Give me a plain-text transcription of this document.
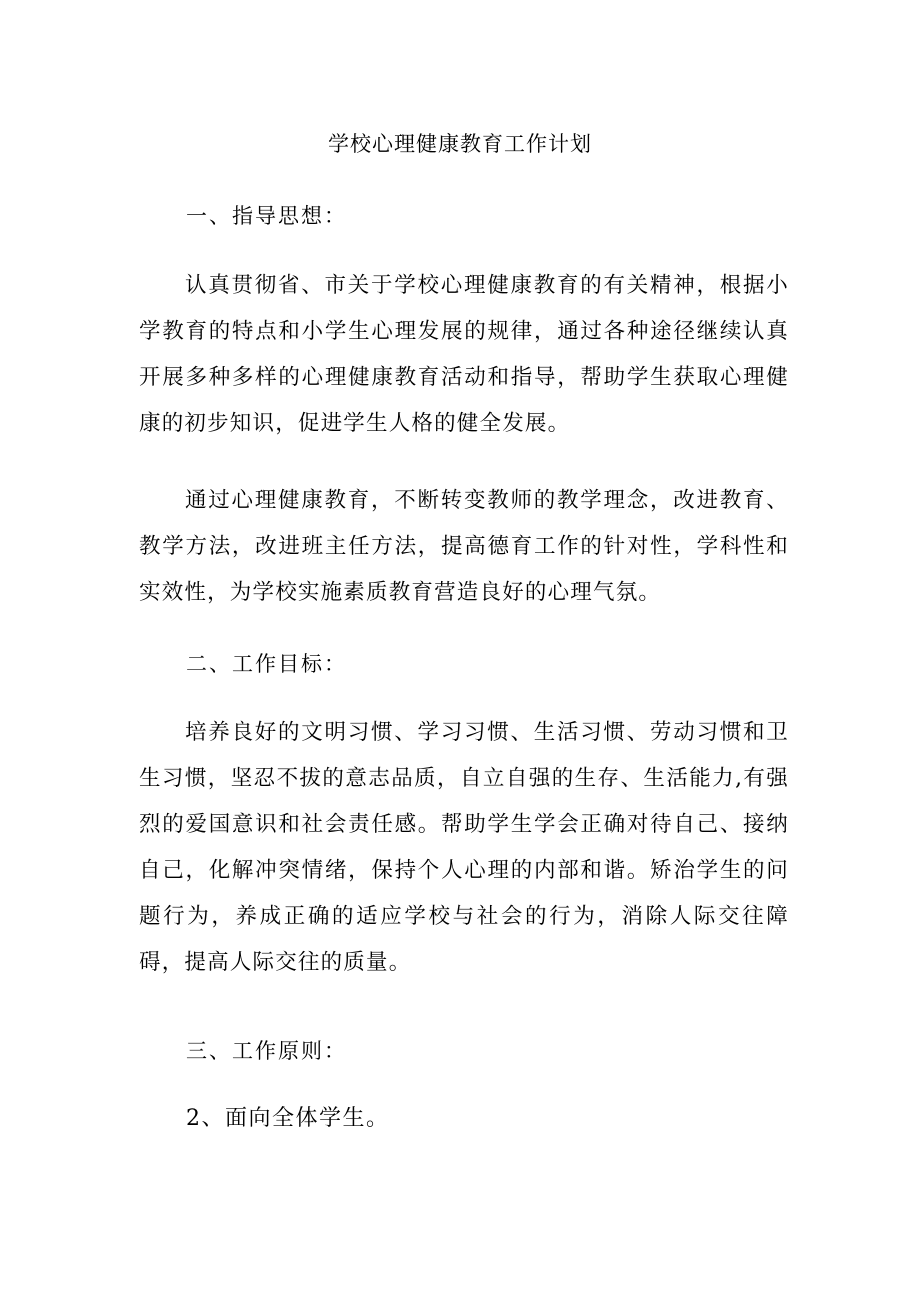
学校心理健康教育工作计划
一、指导思想：

认真贯彻省、市关于学校心理健康教育的有关精神，根据小学教育的特点和小学生心理发展的规律，通过各种途径继续认真开展多种多样的心理健康教育活动和指导，帮助学生获取心理健康的初步知识，促进学生人格的健全发展。

通过心理健康教育，不断转变教师的教学理念，改进教育、教学方法，改进班主任方法，提高德育工作的针对性，学科性和实效性，为学校实施素质教育营造良好的心理气氛。

二、工作目标：

培养良好的文明习惯、学习习惯、生活习惯、劳动习惯和卫生习惯，坚忍不拔的意志品质，自立自强的生存、生活能力,有强烈的爱国意识和社会责任感。帮助学生学会正确对待自己、接纳自己，化解冲突情绪，保持个人心理的内部和谐。矫治学生的问题行为，养成正确的适应学校与社会的行为，消除人际交往障碍，提高人际交往的质量。

三、工作原则：
2、面向全体学生。
